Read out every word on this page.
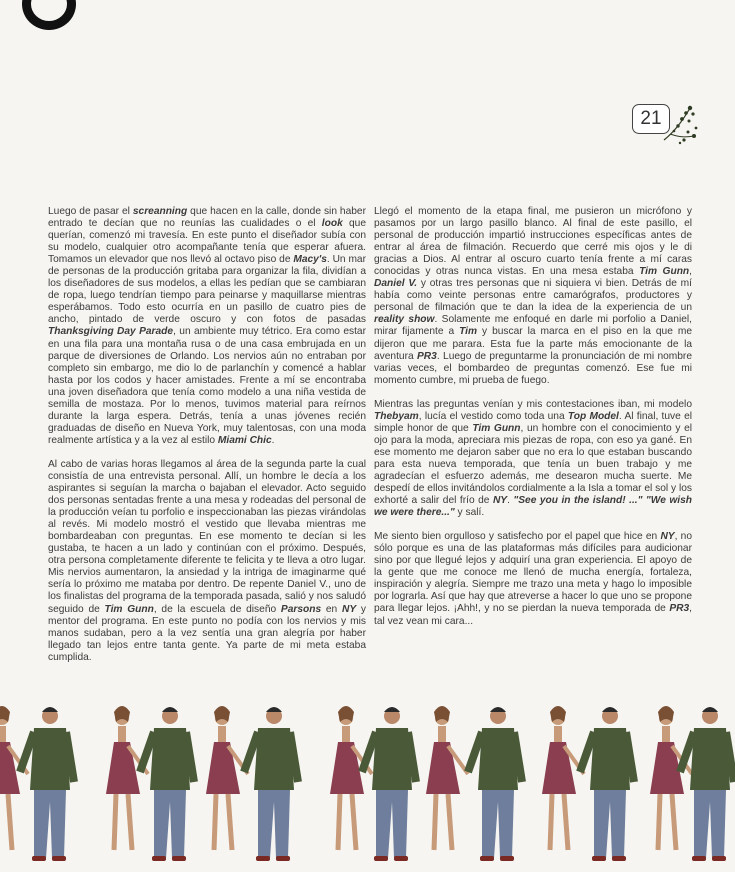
21

Luego de pasar el screanning que hacen en la calle, donde sin haber entrado te decían que no reunías las cualidades o el look que querían, comenzó mi travesía. En este punto el diseñador subía con su modelo, cualquier otro acompañante tenía que esperar afuera. Tomamos un elevador que nos llevó al octavo piso de Macy's. Un mar de personas de la producción gritaba para organizar la fila, dividían a los diseñadores de sus modelos, a ellas les pedían que se cambiaran de ropa, luego tendrían tiempo para peinarse y maquillarse mientras esperábamos. Todo esto ocurría en un pasillo de cuatro pies de ancho, pintado de verde oscuro y con fotos de pasadas Thanksgiving Day Parade, un ambiente muy tétrico. Era como estar en una fila para una montaña rusa o de una casa embrujada en un parque de diversiones de Orlando. Los nervios aún no entraban por completo sin embargo, me dio lo de parlanchín y comencé a hablar hasta por los codos y hacer amistades. Frente a mí se encontraba una joven diseñadora que tenía como modelo a una niña vestida de semilla de mostaza. Por lo menos, tuvimos material para reírnos durante la larga espera. Detrás, tenía a unas jóvenes recién graduadas de diseño en Nueva York, muy talentosas, con una moda realmente artística y a la vez al estilo Miami Chic.

Al cabo de varias horas llegamos al área de la segunda parte la cual consistía de una entrevista personal. Allí, un hombre le decía a los aspirantes si seguían la marcha o bajaban el elevador. Acto seguido dos personas sentadas frente a una mesa y rodeadas del personal de la producción veían tu porfolio e inspeccionaban las piezas virándolas al revés. Mi modelo mostró el vestido que llevaba mientras me bombardeaban con preguntas. En ese momento te decían si les gustaba, te hacen a un lado y continúan con el próximo. Después, otra persona completamente diferente te felicita y te lleva a otro lugar. Mis nervios aumentaron, la ansiedad y la intriga de imaginarme qué sería lo próximo me mataba por dentro. De repente Daniel V., uno de los finalistas del programa de la temporada pasada, salió y nos saludó seguido de Tim Gunn, de la escuela de diseño Parsons en NY y mentor del programa. En este punto no podía con los nervios y mis manos sudaban, pero a la vez sentía una gran alegría por haber llegado tan lejos entre tanta gente. Ya parte de mi meta estaba cumplida.

Llegó el momento de la etapa final, me pusieron un micrófono y pasamos por un largo pasillo blanco. Al final de este pasillo, el personal de producción impartió instrucciones específicas antes de entrar al área de filmación. Recuerdo que cerré mis ojos y le di gracias a Dios. Al entrar al oscuro cuarto tenía frente a mí caras conocidas y otras nunca vistas. En una mesa estaba Tim Gunn, Daniel V. y otras tres personas que ni siquiera vi bien. Detrás de mí había como veinte personas entre camarógrafos, productores y personal de filmación que te dan la idea de la experiencia de un reality show. Solamente me enfoqué en darle mi porfolio a Daniel, mirar fijamente a Tim y buscar la marca en el piso en la que me dijeron que me parara. Esta fue la parte más emocionante de la aventura PR3. Luego de preguntarme la pronunciación de mi nombre varias veces, el bombardeo de preguntas comenzó. Ese fue mi momento cumbre, mi prueba de fuego.

Mientras las preguntas venían y mis contestaciones iban, mi modelo Thebyam, lucía el vestido como toda una Top Model. Al final, tuve el simple honor de que Tim Gunn, un hombre con el conocimiento y el ojo para la moda, apreciara mis piezas de ropa, con eso ya gané. En ese momento me dejaron saber que no era lo que estaban buscando para esta nueva temporada, que tenía un buen trabajo y me agradecían el esfuerzo además, me desearon mucha suerte. Me despedí de ellos invitándolos cordialmente a la Isla a tomar el sol y los exhorté a salir del frío de NY. "See you in the island! ..." "We wish we were there..." y salí.

Me siento bien orgulloso y satisfecho por el papel que hice en NY, no sólo porque es una de las plataformas más difíciles para audicionar sino por que llegué lejos y adquirí una gran experiencia. El apoyo de la gente que me conoce me llenó de mucha energía, fortaleza, inspiración y alegría. Siempre me trazo una meta y hago lo imposible por lograrla. Así que hay que atreverse a hacer lo que uno se propone para llegar lejos. ¡Ahh!, y no se pierdan la nueva temporada de PR3, tal vez vean mi cara...
